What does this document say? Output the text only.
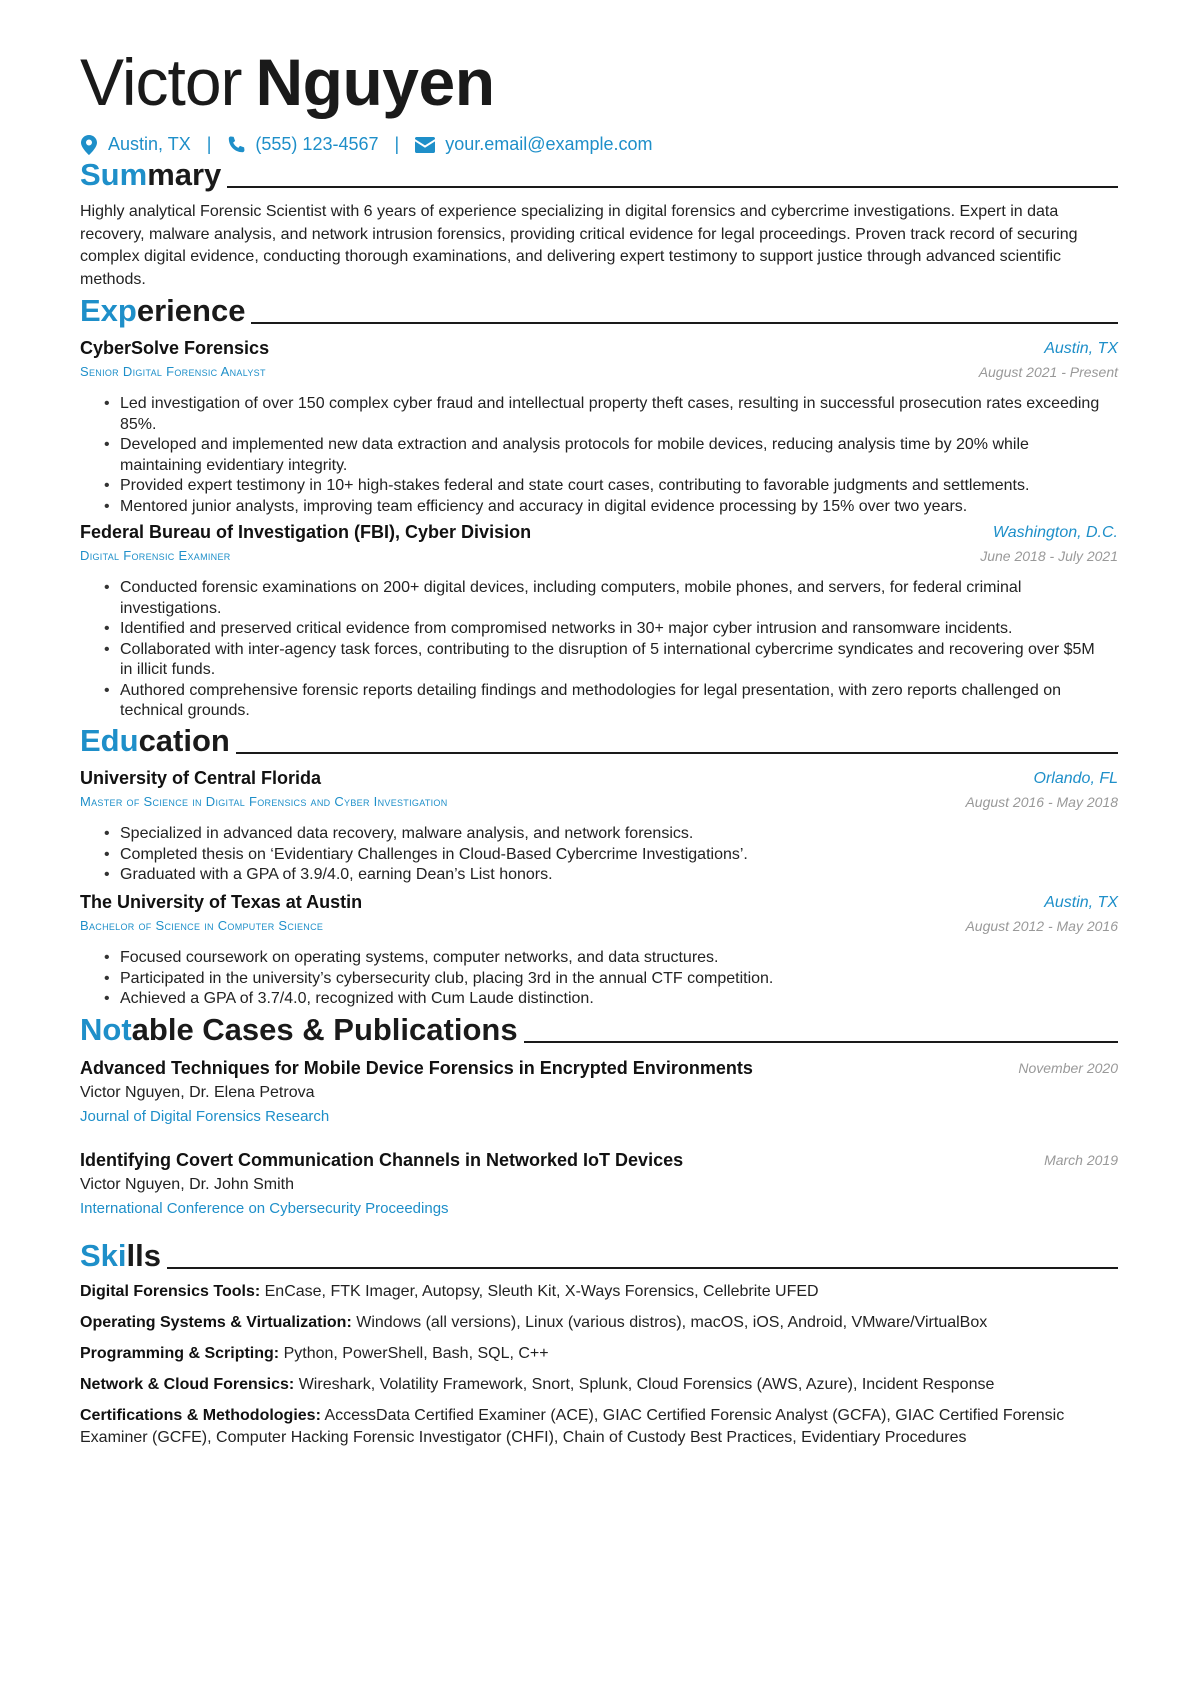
Victor Nguyen
Austin, TX | (555) 123-4567 |	your.email@example.com
Summary
Highly analytical Forensic Scientist with 6 years of experience specializing in digital forensics and cybercrime investigations. Expert in data recovery, malware analysis, and network intrusion forensics, providing critical evidence for legal proceedings. Proven track record of securing complex digital evidence, conducting thorough examinations, and delivering expert testimony to support justice through advanced scientific methods.
Experience
CyberSolve Forensics	Austin, TX
Senior Digital Forensic Analyst	August 2021 - Present
• Led investigation of over 150 complex cyber fraud and intellectual property theft cases, resulting in successful prosecution rates exceeding 85%.
• Developed and implemented new data extraction and analysis protocols for mobile devices, reducing analysis time by 20% while maintaining evidentiary integrity.
• Provided expert testimony in 10+ high-stakes federal and state court cases, contributing to favorable judgments and settlements.
• Mentored junior analysts, improving team efficiency and accuracy in digital evidence processing by 15% over two years.
Federal Bureau of Investigation (FBI), Cyber Division	Washington, D.C.
Digital Forensic Examiner	June 2018 - July 2021
• Conducted forensic examinations on 200+ digital devices, including computers, mobile phones, and servers, for federal criminal investigations.
• Identified and preserved critical evidence from compromised networks in 30+ major cyber intrusion and ransomware incidents.
• Collaborated with inter-agency task forces, contributing to the disruption of 5 international cybercrime syndicates and recovering over $5M in illicit funds.
• Authored comprehensive forensic reports detailing findings and methodologies for legal presentation, with zero reports challenged on technical grounds.
Education
University of Central Florida	Orlando, FL
Master of Science in Digital Forensics and Cyber Investigation	August 2016 - May 2018
• Specialized in advanced data recovery, malware analysis, and network forensics.
• Completed thesis on ‘Evidentiary Challenges in Cloud-Based Cybercrime Investigations’.
• Graduated with a GPA of 3.9/4.0, earning Dean’s List honors.
The University of Texas at Austin	Austin, TX
Bachelor of Science in Computer Science	August 2012 - May 2016
• Focused coursework on operating systems, computer networks, and data structures.
• Participated in the university’s cybersecurity club, placing 3rd in the annual CTF competition.
• Achieved a GPA of 3.7/4.0, recognized with Cum Laude distinction.
Notable Cases & Publications
Advanced Techniques for Mobile Device Forensics in Encrypted Environments	November 2020
Victor Nguyen, Dr. Elena Petrova
Journal of Digital Forensics Research
Identifying Covert Communication Channels in Networked IoT Devices	March 2019
Victor Nguyen, Dr. John Smith
International Conference on Cybersecurity Proceedings
Skills
Digital Forensics Tools: EnCase, FTK Imager, Autopsy, Sleuth Kit, X-Ways Forensics, Cellebrite UFED
Operating Systems & Virtualization: Windows (all versions), Linux (various distros), macOS, iOS, Android, VMware/VirtualBox
Programming & Scripting: Python, PowerShell, Bash, SQL, C++
Network & Cloud Forensics: Wireshark, Volatility Framework, Snort, Splunk, Cloud Forensics (AWS, Azure), Incident Response
Certifications & Methodologies: AccessData Certified Examiner (ACE), GIAC Certified Forensic Analyst (GCFA), GIAC Certified Forensic Examiner (GCFE), Computer Hacking Forensic Investigator (CHFI), Chain of Custody Best Practices, Evidentiary Procedures
